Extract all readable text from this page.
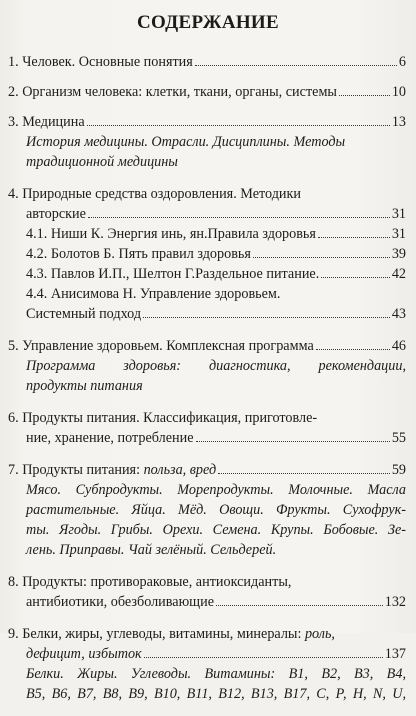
СОДЕРЖАНИЕ
1. Человек. Основные понятия	6
2. Организм человека: клетки, ткани, органы, системы	10
3. Медицина	13
История медицины. Отрасли. Дисциплины. Методы
традиционной медицины
4. Природные средства оздоровления. Методики
авторские	31
4.1. Ниши К. Энергия инь, ян.Правила здоровья	31
4.2. Болотов Б. Пять правил здоровья	39
4.3. Павлов И.П., Шелтон Г.Раздельное питание.	42
4.4. Анисимова Н. Управление здоровьем.
Системный подход	43
5. Управление здоровьем. Комплексная программа	46
Программа здоровья: диагностика, рекомендации,
продукты питания
6. Продукты питания. Классификация, приготовле-
ние, хранение, потребление	55
7. Продукты питания: польза, вред	59
Мясо. Субпродукты. Морепродукты. Молочные. Масла
растительные. Яйца. Мёд. Овощи. Фрукты. Сухофрук-
ты. Ягоды. Грибы. Орехи. Семена. Крупы. Бобовые. Зе-
лень. Приправы. Чай зелёный. Сельдерей.
8. Продукты: противораковые, антиоксиданты,
антибиотики, обезболивающие	132
9. Белки, жиры, углеводы, витамины, минералы: роль,
дефицит, избыток	137
Белки. Жиры. Углеводы. Витамины: В1, В2, В3, В4,
В5, В6, В7, В8, В9, В10, В11, В12, В13, В17, С, Р, Н, N, U,
